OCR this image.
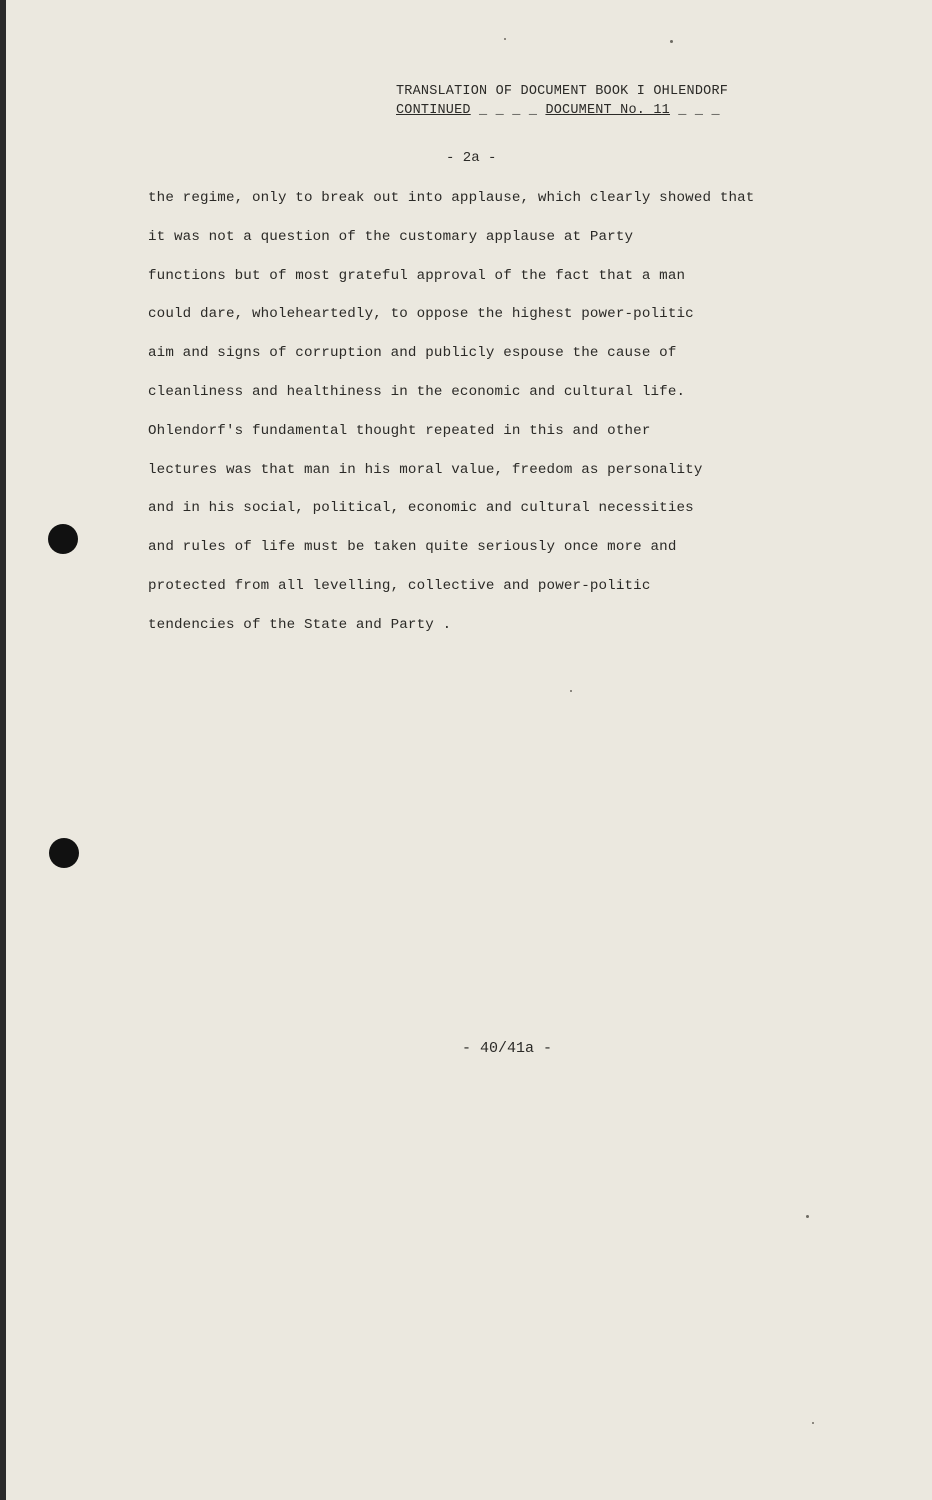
TRANSLATION OF DOCUMENT BOOK I OHLENDORF
CONTINUED _ _ _ _ DOCUMENT No. 11 _ _ _
- 2a -
the regime, only to break out into applause, which clearly showed that
it was not a question of the customary applause at Party
functions but of most grateful approval of the fact that a man
could dare, wholeheartedly, to oppose the highest power-politic
aim and signs of corruption and publicly espouse the cause of
cleanliness and healthiness in the economic and cultural life.
Ohlendorf's fundamental thought repeated in this and other
lectures was that man in his moral value, freedom as personality
and in his social, political, economic and cultural necessities
and rules of life must be taken quite seriously once more and
protected from all levelling, collective and power-politic
tendencies of the State and Party .
- 40/41a -
